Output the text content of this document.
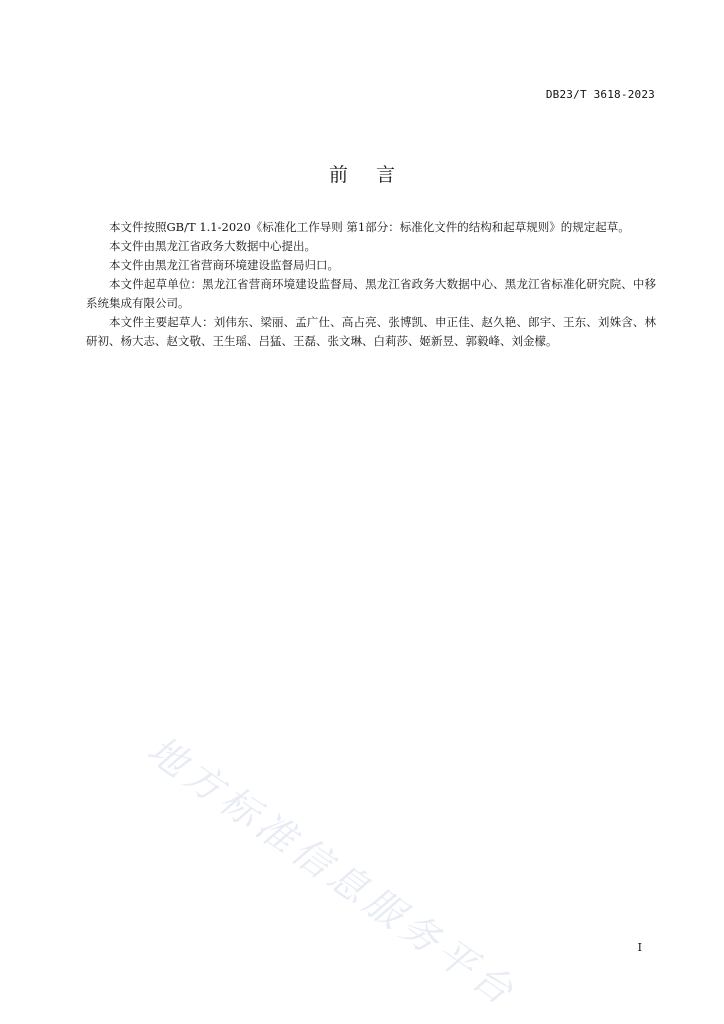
DB23/T 3618-2023
前言

本文件按照GB/T 1.1-2020《标准化工作导则 第1部分：标准化文件的结构和起草规则》的规定起草。

本文件由黑龙江省政务大数据中心提出。

本文件由黑龙江省营商环境建设监督局归口。

本文件起草单位：黑龙江省营商环境建设监督局、黑龙江省政务大数据中心、黑龙江省标准化研究院、中移系统集成有限公司。

本文件主要起草人：刘伟东、梁丽、孟广仕、高占亮、张博凯、申正佳、赵久艳、郎宇、王东、刘姝含、林研初、杨大志、赵文敬、王生瑶、吕猛、王磊、张文琳、白莉莎、姬新昱、郭毅峰、刘金檬。

地方标准信息服务平台	I
